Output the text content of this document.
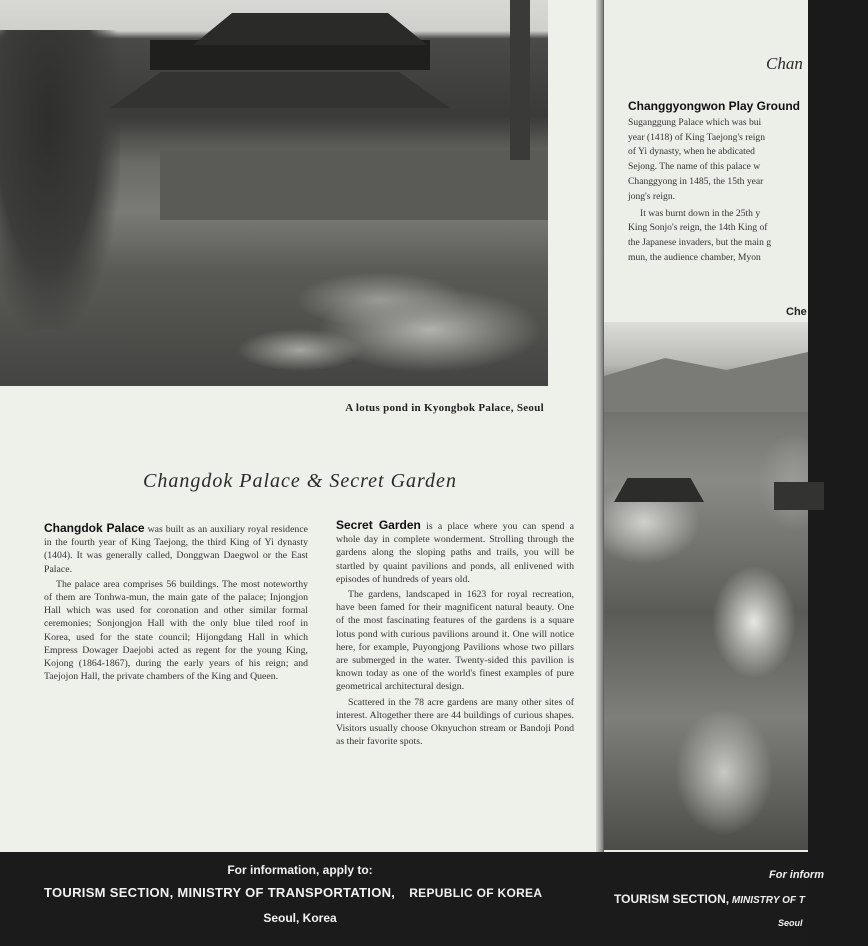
A lotus pond in Kyongbok Palace, Seoul
Changdok Palace & Secret Garden

Changdok Palace was built as an auxiliary royal residence in the fourth year of King Taejong, the third King of Yi dynasty (1404). It was generally called, Donggwan Daegwol or the East Palace.

The palace area comprises 56 buildings. The most noteworthy of them are Tonhwa-mun, the main gate of the palace; Injongjon Hall which was used for coronation and other similar formal ceremonies; Sonjongjon Hall with the only blue tiled roof in Korea, used for the state council; Hijongdang Hall in which Empress Dowager Daejobi acted as regent for the young King, Kojong (1864-1867), during the early years of his reign; and Taejojon Hall, the private chambers of the King and Queen.

Secret Garden is a place where you can spend a whole day in complete wonderment. Strolling through the gardens along the sloping paths and trails, you will be startled by quaint pavilions and ponds, all enlivened with episodes of hundreds of years old.

The gardens, landscaped in 1623 for royal recreation, have been famed for their magnificent natural beauty. One of the most fascinating features of the gardens is a square lotus pond with curious pavilions around it. One will notice here, for example, Puyongjong Pavilions whose two pillars are submerged in the water. Twenty-sided this pavilion is known today as one of the world's finest examples of pure geometrical architectural design.

Scattered in the 78 acre gardens are many other sites of interest. Altogether there are 44 buildings of curious shapes. Visitors usually choose Oknyuchon stream or Bandoji Pond as their favorite spots.

Chan

Changgyongwon Play Ground

Suganggung Palace which was bui

year (1418) of King Taejong's reign

of Yi dynasty, when he abdicated

Sejong. The name of this palace w

Changgyong in 1485, the 15th year

jong's reign.

It was burnt down in the 25th y

King Sonjo's reign, the 14th King of

the Japanese invaders, but the main g

mun, the audience chamber, Myon

Che
For information, apply to:
TOURISM SECTION, MINISTRY OF TRANSPORTATION, REPUBLIC OF KOREA
Seoul, Korea
For inform
TOURISM SECTION, MINISTRY OF T
Seoul
